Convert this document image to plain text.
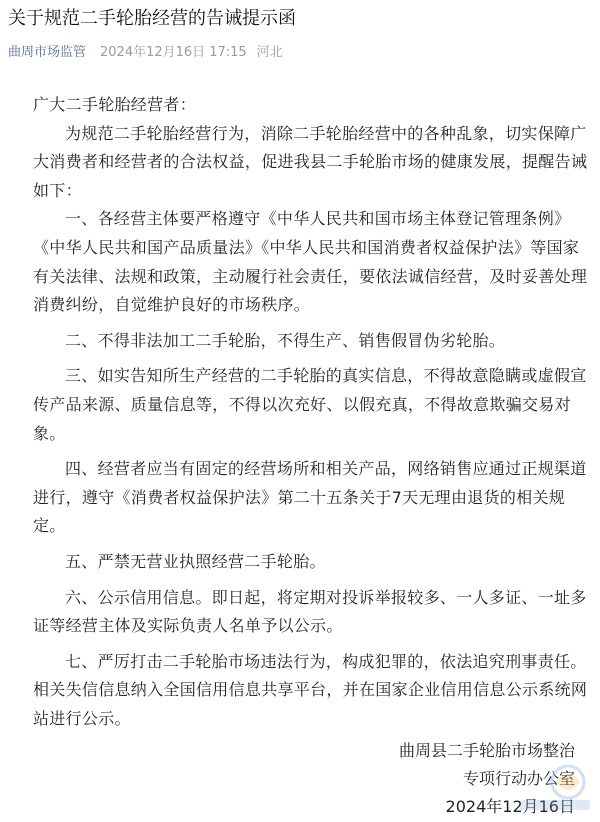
关于规范二手轮胎经营的告诫提示函
曲周市场监管 2024年12月16日 17:15 河北

广大二手轮胎经营者：

为规范二手轮胎经营行为，消除二手轮胎经营中的各种乱象，切实保障广大消费者和经营者的合法权益，促进我县二手轮胎市场的健康发展，提醒告诫如下：

一、各经营主体要严格遵守《中华人民共和国市场主体登记管理条例》《中华人民共和国产品质量法》《中华人民共和国消费者权益保护法》等国家有关法律、法规和政策，主动履行社会责任，要依法诚信经营，及时妥善处理消费纠纷，自觉维护良好的市场秩序。

二、不得非法加工二手轮胎，不得生产、销售假冒伪劣轮胎。

三、如实告知所生产经营的二手轮胎的真实信息，不得故意隐瞒或虚假宣传产品来源、质量信息等，不得以次充好、以假充真，不得故意欺骗交易对象。

四、经营者应当有固定的经营场所和相关产品，网络销售应通过正规渠道进行，遵守《消费者权益保护法》第二十五条关于7天无理由退货的相关规定。

五、严禁无营业执照经营二手轮胎。

六、公示信用信息。即日起，将定期对投诉举报较多、一人多证、一址多证等经营主体及实际负责人名单予以公示。

七、严厉打击二手轮胎市场违法行为，构成犯罪的，依法追究刑事责任。相关失信信息纳入全国信用信息共享平台，并在国家企业信用信息公示系统网站进行公示。

曲周县二手轮胎市场整治
专项行动办公室
2024年12月16日
